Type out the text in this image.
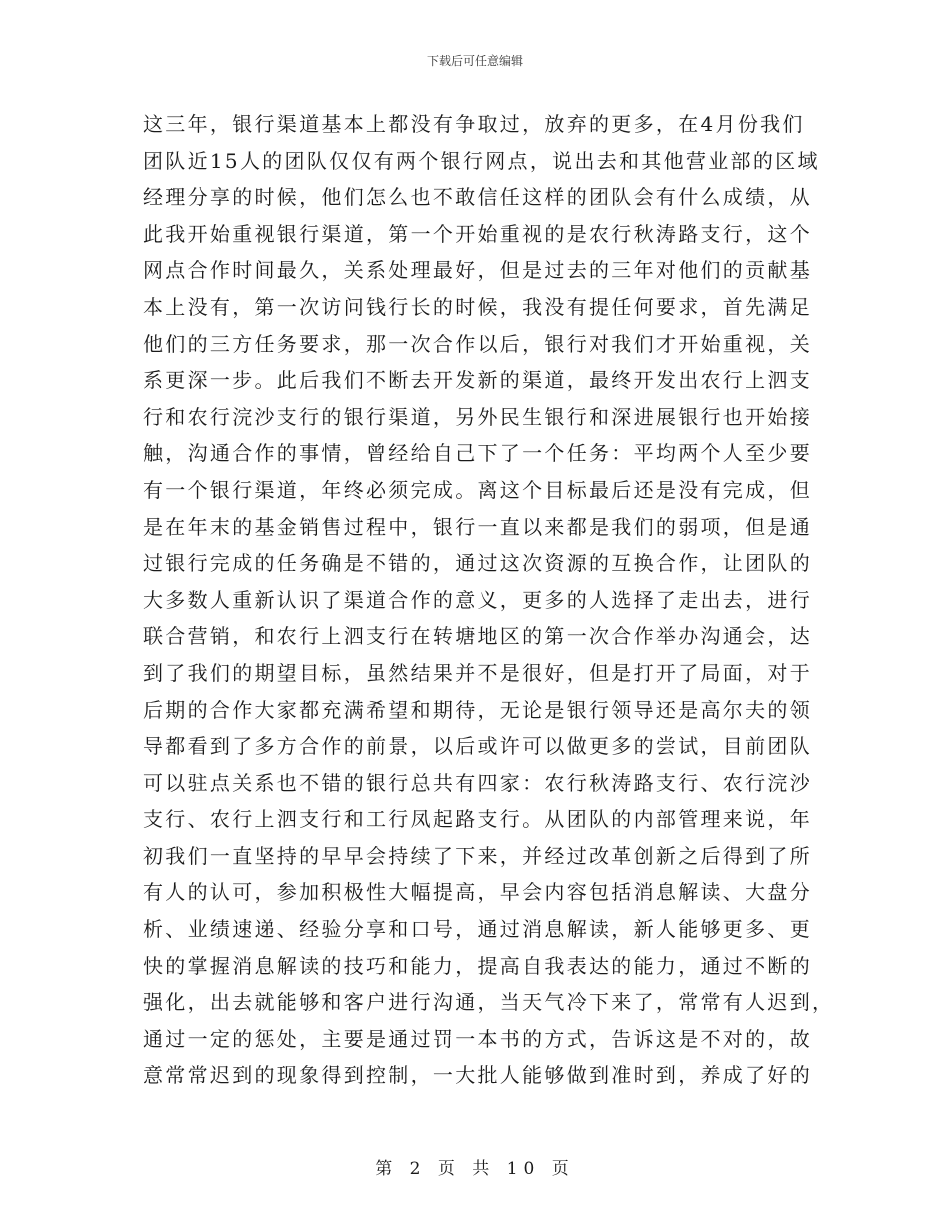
下载后可任意编辑
这三年，银行渠道基本上都没有争取过，放弃的更多，在4月份我们
团队近15人的团队仅仅有两个银行网点，说出去和其他营业部的区域
经理分享的时候，他们怎么也不敢信任这样的团队会有什么成绩，从
此我开始重视银行渠道，第一个开始重视的是农行秋涛路支行，这个
网点合作时间最久，关系处理最好，但是过去的三年对他们的贡献基
本上没有，第一次访问钱行长的时候，我没有提任何要求，首先满足
他们的三方任务要求，那一次合作以后，银行对我们才开始重视，关
系更深一步。此后我们不断去开发新的渠道，最终开发出农行上泗支
行和农行浣沙支行的银行渠道，另外民生银行和深进展银行也开始接
触，沟通合作的事情，曾经给自己下了一个任务：平均两个人至少要
有一个银行渠道，年终必须完成。离这个目标最后还是没有完成，但
是在年末的基金销售过程中，银行一直以来都是我们的弱项，但是通
过银行完成的任务确是不错的，通过这次资源的互换合作，让团队的
大多数人重新认识了渠道合作的意义，更多的人选择了走出去，进行
联合营销，和农行上泗支行在转塘地区的第一次合作举办沟通会，达
到了我们的期望目标，虽然结果并不是很好，但是打开了局面，对于
后期的合作大家都充满希望和期待，无论是银行领导还是高尔夫的领
导都看到了多方合作的前景，以后或许可以做更多的尝试，目前团队
可以驻点关系也不错的银行总共有四家：农行秋涛路支行、农行浣沙
支行、农行上泗支行和工行凤起路支行。从团队的内部管理来说，年
初我们一直坚持的早早会持续了下来，并经过改革创新之后得到了所
有人的认可，参加积极性大幅提高，早会内容包括消息解读、大盘分
析、业绩速递、经验分享和口号，通过消息解读，新人能够更多、更
快的掌握消息解读的技巧和能力，提高自我表达的能力，通过不断的
强化，出去就能够和客户进行沟通，当天气冷下来了，常常有人迟到，
通过一定的惩处，主要是通过罚一本书的方式，告诉这是不对的，故
意常常迟到的现象得到控制，一大批人能够做到准时到，养成了好的
第 2 页 共 10 页
